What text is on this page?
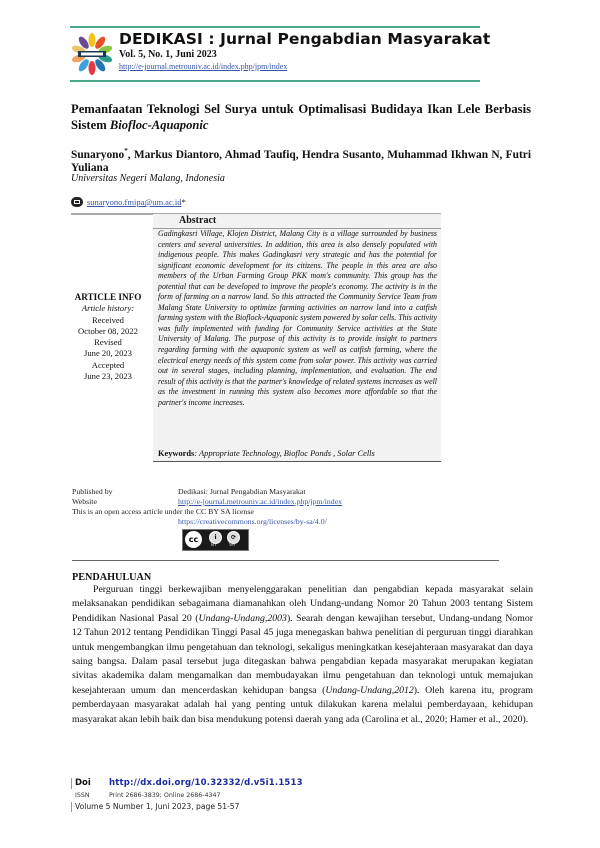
DEDIKASI : Jurnal Pengabdian Masyarakat
Vol. 5, No. 1, Juni 2023
http://e-journal.metrouniv.ac.id/index.php/jpm/index
Pemanfaatan Teknologi Sel Surya untuk Optimalisasi Budidaya Ikan Lele Berbasis Sistem Biofloc-Aquaponic
Sunaryono*, Markus Diantoro, Ahmad Taufiq, Hendra Susanto, Muhammad Ikhwan N, Futri Yuliana
Universitas Negeri Malang, Indonesia
sunaryono.fmipa@um.ac.id *
ARTICLE INFO
Article history:
Received
October 08, 2022
Revised
June 20, 2023
Accepted
June 23, 2023
Abstract
Gadingkasri Village, Klojen District, Malang City is a village surrounded by business centers and several universities. In addition, this area is also densely populated with indigenous people. This makes Gadingkasri very strategic and has the potential for significant economic development for its citizens. The people in this area are also members of the Urban Farming Group PKK mom's community. This group has the potential that can be developed to improve the people's economy. The activity is in the form of farming on a narrow land. So this attracted the Community Service Team from Malang State University to optimize farming activities on narrow land into a catfish farming system with the Bioflock-Aquaponic system powered by solar cells. This activity was fully implemented with funding for Community Service activities at the State University of Malang. The purpose of this activity is to provide insight to partners regarding farming with the aquaponic system as well as catfish farming, where the electrical energy needs of this system come from solar power. This activity was carried out in several stages, including planning, implementation, and evaluation. The end result of this activity is that the partner's knowledge of related systems increases as well as the investment in running this system also becomes more affordable so that the partner's income increases.
Keywords: Appropriate Technology, Biofloc Ponds , Solar Cells
Published by	Dedikasi: Jurnal Pengabdian Masyarakat
Website	http://e-journal.metrouniv.ac.id/index.php/jpm/index
This is an open access article under the CC BY SA license
https://creativecommons.org/licenses/by-sa/4.0/
cc	i	⟳
BY	SA
PENDAHULUAN
Perguruan tinggi berkewajiban menyelenggarakan penelitian dan pengabdian kepada masyarakat selain melaksanakan pendidikan sebagaimana diamanahkan oleh Undang-undang Nomor 20 Tahun 2003 tentang Sistem Pendidikan Nasional Pasal 20 (Undang-Undang,2003). Searah dengan kewajihan tersebut, Undang-undang Nomor 12 Tahun 2012 tentang Pendidikan Tinggi Pasal 45 juga menegaskan bahwa penelitian di perguruan tinggi diarahkan untuk mengembangkan ilmu pengetahuan dan teknologi, sekaligus meningkatkan kesejahteraan masyarakat dan daya saing bangsa. Dalam pasal tersebut juga ditegaskan bahwa pengabdian kepada masyarakat merupakan kegiatan sivitas akademika dalam mengamalkan dan membudayakan ilmu pengetahuan dan teknologi untuk memajukan kesejahteraan umum dan mencerdaskan kehidupan bangsa (Undang-Undang,2012). Oleh karena itu, program pemberdayaan masyarakat adalah hal yang penting untuk dilakukan karena melalui pemberdayaan, kehidupan masyarakat akan lebih baik dan bisa mendukung potensi daerah yang ada (Carolina et al., 2020; Hamer et al., 2020).
Doi http://dx.doi.org/10.32332/d.v5i1.1513
ISSN	Print 2686-3839; Online 2686-4347
Volume 5 Number 1, Juni 2023, page 51-57
